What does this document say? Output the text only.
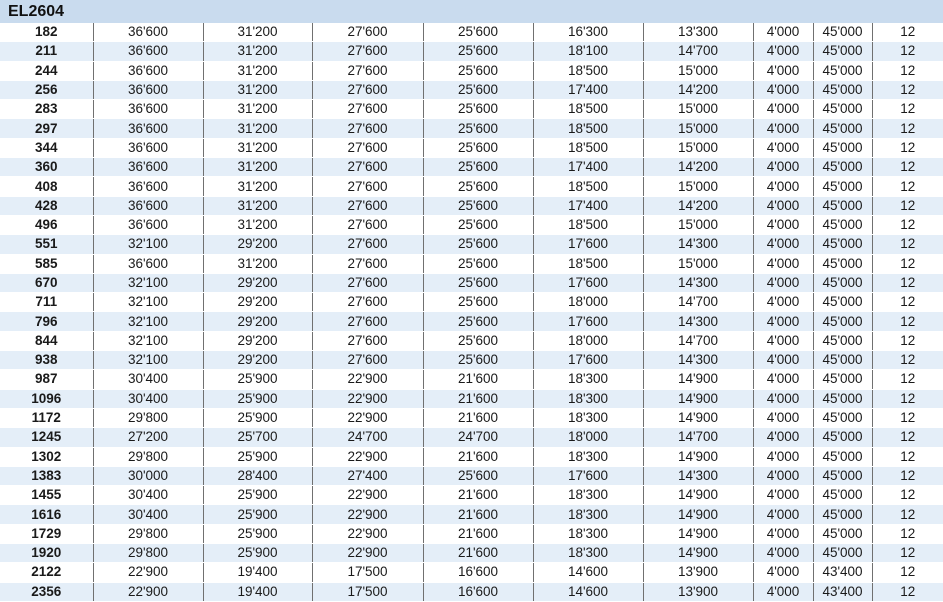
EL2604
182	36'600	31'200	27'600	25'600	16'300	13'300	4'000	45'000	12
211	36'600	31'200	27'600	25'600	18'100	14'700	4'000	45'000	12
244	36'600	31'200	27'600	25'600	18'500	15'000	4'000	45'000	12
256	36'600	31'200	27'600	25'600	17'400	14'200	4'000	45'000	12
283	36'600	31'200	27'600	25'600	18'500	15'000	4'000	45'000	12
297	36'600	31'200	27'600	25'600	18'500	15'000	4'000	45'000	12
344	36'600	31'200	27'600	25'600	18'500	15'000	4'000	45'000	12
360	36'600	31'200	27'600	25'600	17'400	14'200	4'000	45'000	12
408	36'600	31'200	27'600	25'600	18'500	15'000	4'000	45'000	12
428	36'600	31'200	27'600	25'600	17'400	14'200	4'000	45'000	12
496	36'600	31'200	27'600	25'600	18'500	15'000	4'000	45'000	12
551	32'100	29'200	27'600	25'600	17'600	14'300	4'000	45'000	12
585	36'600	31'200	27'600	25'600	18'500	15'000	4'000	45'000	12
670	32'100	29'200	27'600	25'600	17'600	14'300	4'000	45'000	12
711	32'100	29'200	27'600	25'600	18'000	14'700	4'000	45'000	12
796	32'100	29'200	27'600	25'600	17'600	14'300	4'000	45'000	12
844	32'100	29'200	27'600	25'600	18'000	14'700	4'000	45'000	12
938	32'100	29'200	27'600	25'600	17'600	14'300	4'000	45'000	12
987	30'400	25'900	22'900	21'600	18'300	14'900	4'000	45'000	12
1096	30'400	25'900	22'900	21'600	18'300	14'900	4'000	45'000	12
1172	29'800	25'900	22'900	21'600	18'300	14'900	4'000	45'000	12
1245	27'200	25'700	24'700	24'700	18'000	14'700	4'000	45'000	12
1302	29'800	25'900	22'900	21'600	18'300	14'900	4'000	45'000	12
1383	30'000	28'400	27'400	25'600	17'600	14'300	4'000	45'000	12
1455	30'400	25'900	22'900	21'600	18'300	14'900	4'000	45'000	12
1616	30'400	25'900	22'900	21'600	18'300	14'900	4'000	45'000	12
1729	29'800	25'900	22'900	21'600	18'300	14'900	4'000	45'000	12
1920	29'800	25'900	22'900	21'600	18'300	14'900	4'000	45'000	12
2122	22'900	19'400	17'500	16'600	14'600	13'900	4'000	43'400	12
2356	22'900	19'400	17'500	16'600	14'600	13'900	4'000	43'400	12
